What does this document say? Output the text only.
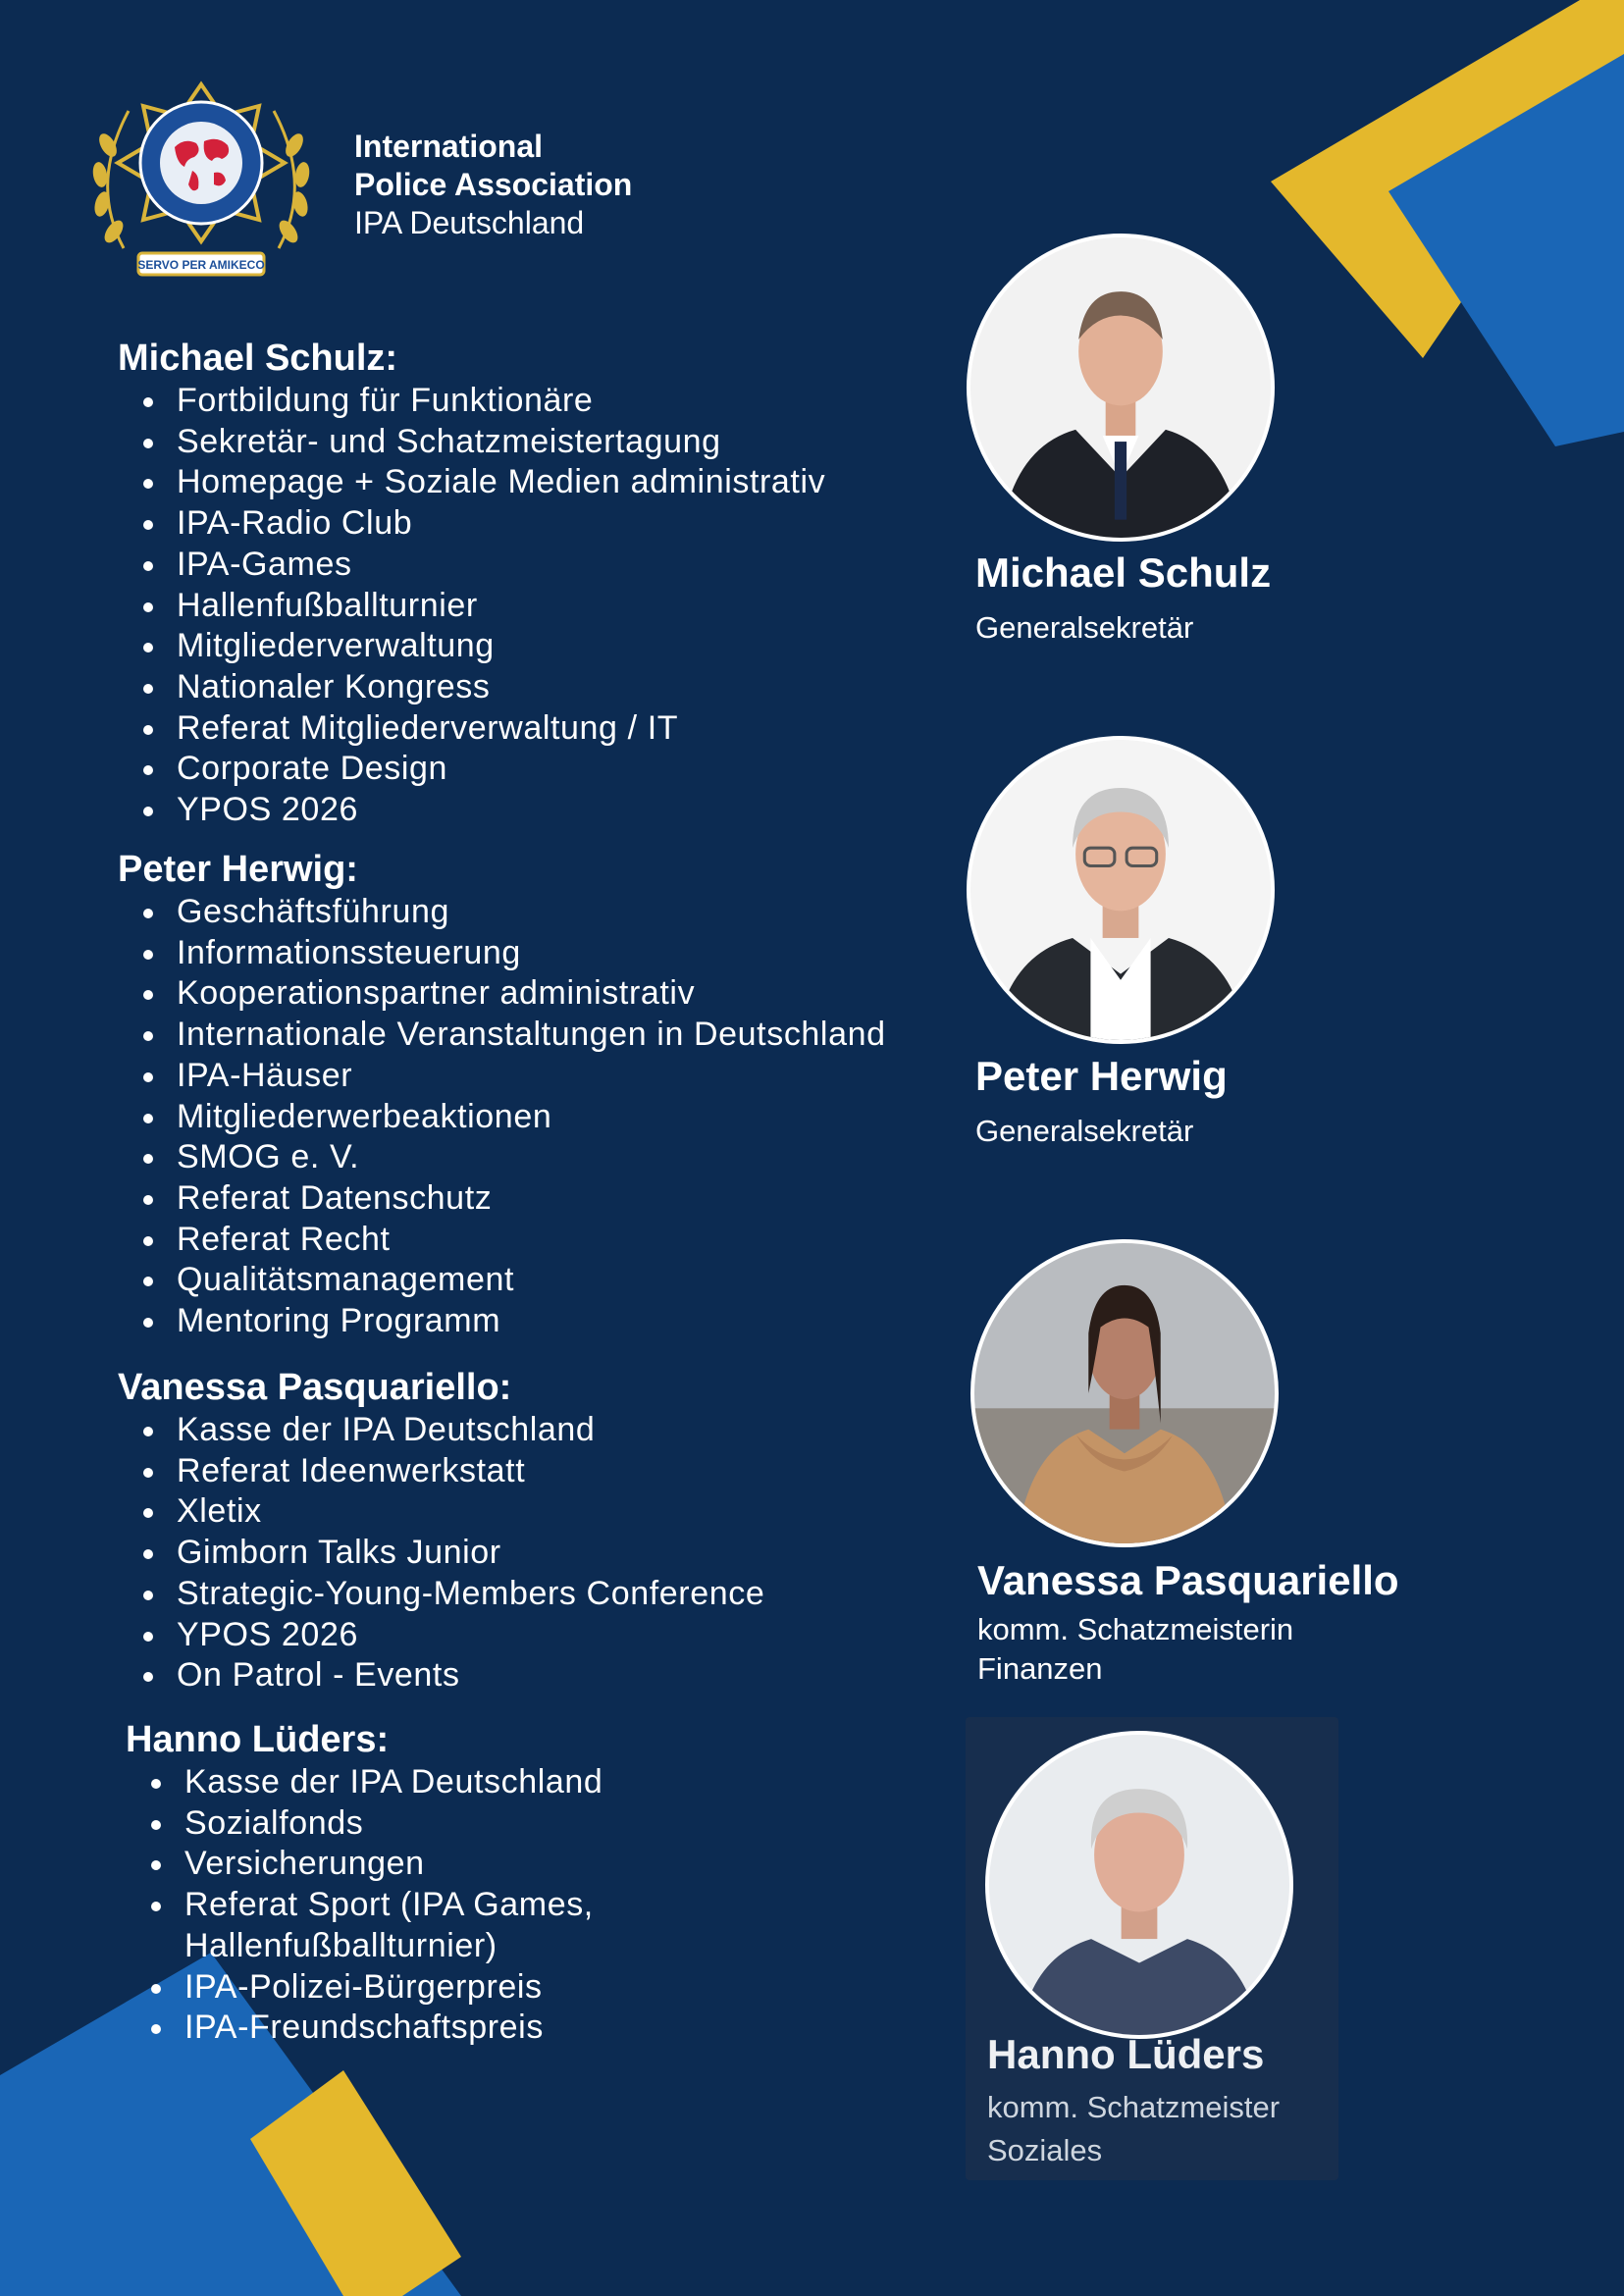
SERVO PER AMIKECO
International
Police Association
IPA Deutschland
Michael Schulz:
Fortbildung für Funktionäre
Sekretär- und Schatzmeistertagung
Homepage + Soziale Medien administrativ
IPA-Radio Club
IPA-Games
Hallenfußballturnier
Mitgliederverwaltung
Nationaler Kongress
Referat Mitgliederverwaltung / IT
Corporate Design
YPOS 2026
Peter Herwig:
Geschäftsführung
Informationssteuerung
Kooperationspartner administrativ
Internationale Veranstaltungen in Deutschland
IPA-Häuser
Mitgliederwerbeaktionen
SMOG e. V.
Referat Datenschutz
Referat Recht
Qualitätsmanagement
Mentoring Programm
Vanessa Pasquariello:
Kasse der IPA Deutschland
Referat Ideenwerkstatt
Xletix
Gimborn Talks Junior
Strategic-Young-Members Conference
YPOS 2026
On Patrol - Events
Hanno Lüders:
Kasse der IPA Deutschland
Sozialfonds
Versicherungen
Referat Sport (IPA Games,
Hallenfußballturnier)
IPA-Polizei-Bürgerpreis
IPA-Freundschaftspreis
Michael Schulz
Generalsekretär
Peter Herwig
Generalsekretär
Vanessa Pasquariello
komm. Schatzmeisterin
Finanzen
Hanno Lüders
komm. Schatzmeister
Soziales
